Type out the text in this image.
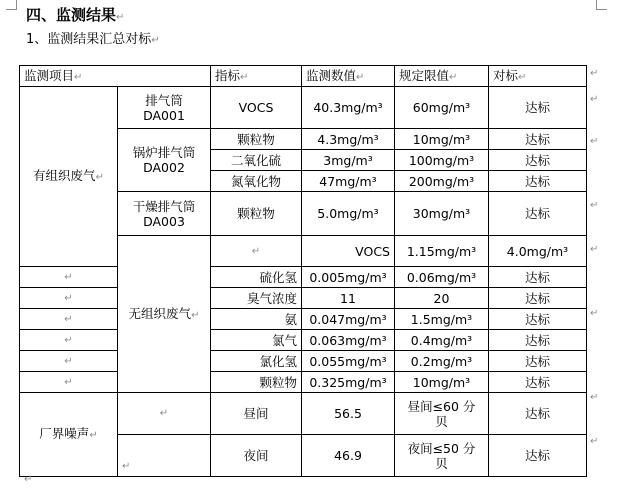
四、监测结果↵
1、监测结果汇总对标↵
监测项目↵		指标↵	监测数值↵	规定限值↵	对标↵	
有组织废气↵	排气筒
DA001	VOCS	40.3mg/m³	60mg/m³	达标	

	锅炉排气筒
DA002	颗粒物	4.3mg/m³	10mg/m³	达标	
		二氧化硫	3mg/m³	100mg/m³	达标	
		氮氧化物	47mg/m³	200mg/m³	达标	

	干燥排气筒
DA003	颗粒物	5.0mg/m³	30mg/m³	达标	
	无组织废气↵	↵	VOCS	1.15mg/m³	4.0mg/m³	
↵		硫化氢	0.005mg/m³	0.06mg/m³	达标	
↵		臭气浓度	11	20	达标	
↵		氨	0.047mg/m³	1.5mg/m³	达标	
↵		氯气	0.063mg/m³	0.4mg/m³	达标	
↵		氯化氢	0.055mg/m³	0.2mg/m³	达标	
↵		颗粒物	0.325mg/m³	10mg/m³	达标	
厂界噪声↵	↵	昼间	56.5	昼间≤60 分
贝	达标	
	↵	夜间	46.9	夜间≤50 分
贝	达标	
↵
↵
↵
↵
↵
↵
↵
↵
↵
